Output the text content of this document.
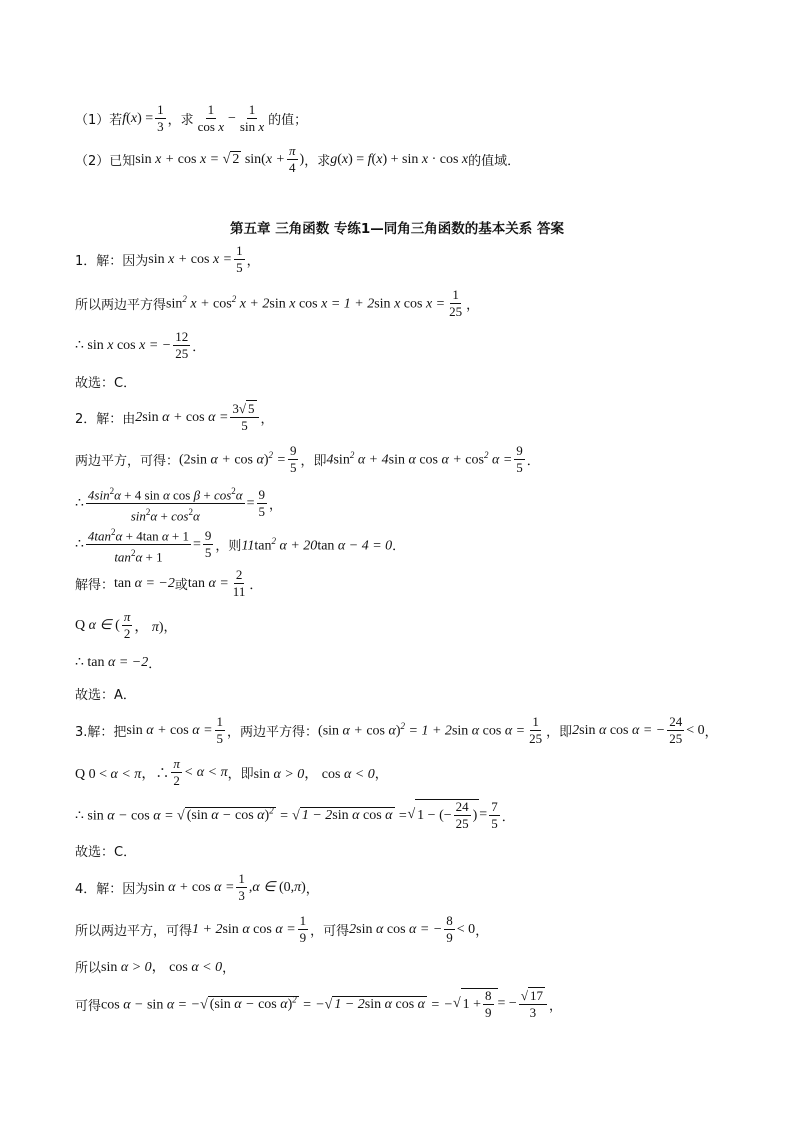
（1）若 f ( x ) = $\frac{1}{3}$ ，求 $\frac{1}{\text{cos x}} - \frac{1}{\text{sin x}}$ 的值；
（2）已知 sin x + cos x = √ 2 $\sin(x + \frac{\pi}{4}$ ) ，求 g(x) = f(x) + sin x · cos x 的值域．
第五章 三角函数 专练1—同角三角函数的基本关系 答案
1．解：因为 $\sin x + \cos x = \frac{1}{5}$ ，
所以两边平方得 $\sin^2 x + \cos^2 x + 2\sin$ x cos x = 1 + 2sin x $\cos x = \frac{1}{25}$ ，
∴ sin x cos x = − $\frac{12}{25}$ ．
故选：C．
2．解：由 2sin $\alpha + \cos \alpha = \frac{3√ 5}{5}$ ，
两边平方，可得： (2sin $\alpha + \cos \alpha)^2 = \frac{9}{5}$ ，即 $4\sin^2$ α + 4sin α $\cos \alpha + \cos^2 \alpha = \frac{9}{5}$ ．
∴ $\frac{4\sin^2\alpha + 4 \sin \alpha \cos \beta + \cos^2\alpha}{\sin^2\alpha + \cos^2\alpha} = \frac{9}{5}$ ，
∴ $\frac{4\tan^2\alpha + 4\tan \alpha + 1}{\tan^2\alpha + 1} = \frac{9}{5}$ ，则 $11\tan^2$ α + 20tan α − 4 = 0 ．
解得： tan α = −2 或 $\tan \alpha = \frac{2}{11}$ ．
Q α ∈ ( $\frac{\pi}{2}$ ， π) ，
∴ tan α = −2 ．
故选：A．
3.解：把 $\sin \alpha + \cos \alpha = \frac{1}{5}$ ，两边平方得： (sin α + cos α)$^2$ = 1 + 2sin α $\cos \alpha = \frac{1}{25}$ ，即 2sin α cos α = − $\frac{24}{25} < 0$ ，
Q 0 < α < π，∴ $\frac{\pi}{2} < \alpha < \pi$ ，即 sin α > 0， cos α < 0 ，
∴ sin α − cos α = √ (sin α − cos α)$^2$ = √ 1 − 2sin α cos α = √ 1 − (− $\frac{24}{25}$ ) = $\frac{7}{5}$ ．
故选：C．
4．解：因为 $\sin \alpha + \cos \alpha = \frac{1}{3} ,\alpha$ ∈ (0,π) ，
所以两边平方，可得 1 + 2sin α $\cos \alpha = \frac{1}{9}$ ，可得 2sin α cos α = − $\frac{8}{9} < 0$ ，
所以 sin α > 0， cos α < 0 ，
可得 cos α − sin α = −√ (sin α − cos α)$^2$ = −√ 1 − 2sin α cos α = − √ $1 + \frac{8}{9}$ = − $\frac{√ 17}{3}$ ，
